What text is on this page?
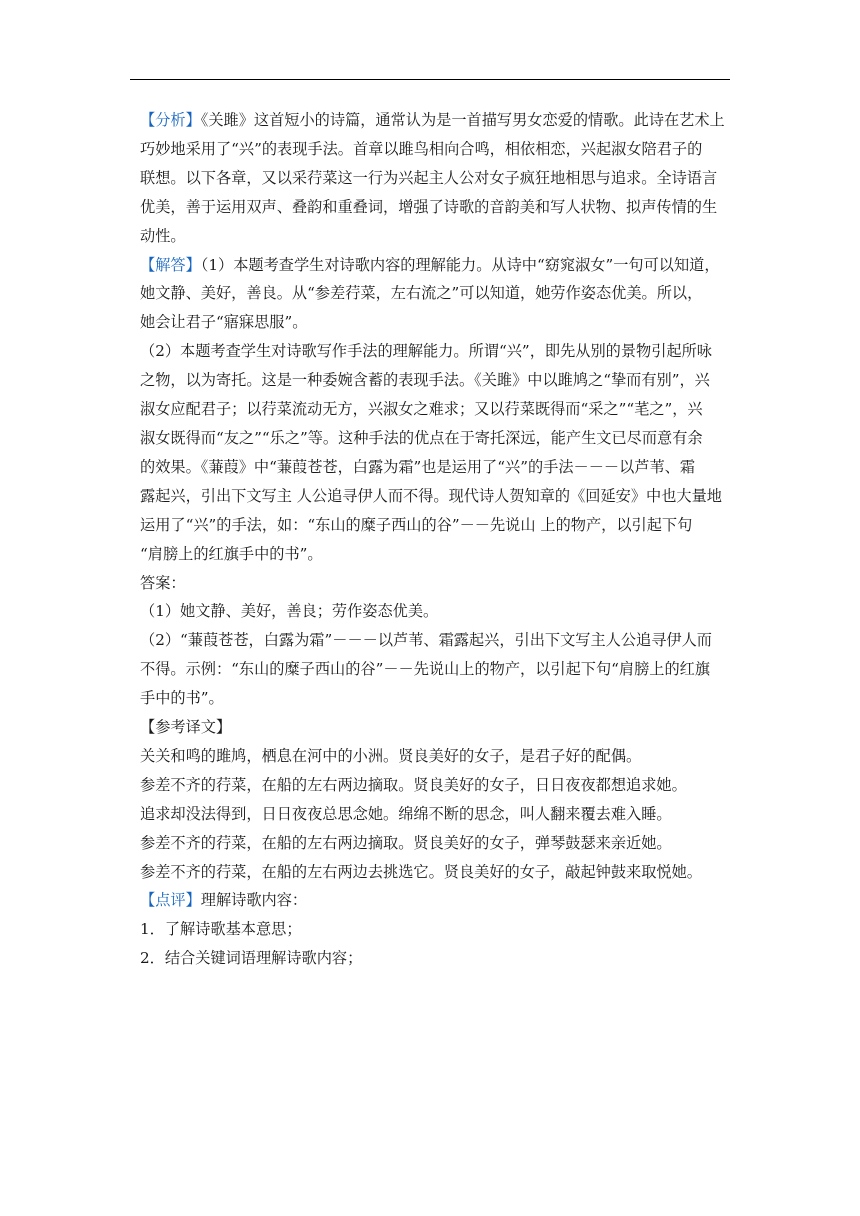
【分析】《关雎》这首短小的诗篇，通常认为是一首描写男女恋爱的情歌。此诗在艺术上
巧妙地采用了“兴”的表现手法。首章以雎鸟相向合鸣，相依相恋，兴起淑女陪君子的
联想。以下各章，又以采荇菜这一行为兴起主人公对女子疯狂地相思与追求。全诗语言
优美，善于运用双声、叠韵和重叠词，增强了诗歌的音韵美和写人状物、拟声传情的生
动性。
【解答】（1）本题考查学生对诗歌内容的理解能力。从诗中“窈窕淑女”一句可以知道，
她文静、美好，善良。从“参差荇菜，左右流之”可以知道，她劳作姿态优美。所以，
她会让君子“寤寐思服”。
（2）本题考查学生对诗歌写作手法的理解能力。所谓“兴”，即先从别的景物引起所咏
之物，以为寄托。这是一种委婉含蓄的表现手法。《关雎》中以雎鸠之“挚而有别”，兴
淑女应配君子；以荇菜流动无方，兴淑女之难求；又以荇菜既得而“采之”“芼之”，兴
淑女既得而“友之”“乐之”等。这种手法的优点在于寄托深远，能产生文已尽而意有余
的效果。《蒹葭》中“蒹葭苍苍，白露为霜”也是运用了“兴”的手法－－－以芦苇、霜
露起兴，引出下文写主 人公追寻伊人而不得。现代诗人贺知章的《回延安》中也大量地
运用了“兴”的手法，如：“东山的糜子西山的谷”－－先说山 上的物产，以引起下句
“肩膀上的红旗手中的书”。
答案：
（1）她文静、美好，善良；劳作姿态优美。
（2）“蒹葭苍苍，白露为霜”－－－以芦苇、霜露起兴，引出下文写主人公追寻伊人而
不得。示例：“东山的糜子西山的谷”－－先说山上的物产，以引起下句“肩膀上的红旗
手中的书”。
【参考译文】
关关和鸣的雎鸠，栖息在河中的小洲。贤良美好的女子，是君子好的配偶。
参差不齐的荇菜，在船的左右两边摘取。贤良美好的女子，日日夜夜都想追求她。
追求却没法得到，日日夜夜总思念她。绵绵不断的思念，叫人翻来覆去难入睡。
参差不齐的荇菜，在船的左右两边摘取。贤良美好的女子，弹琴鼓瑟来亲近她。
参差不齐的荇菜，在船的左右两边去挑选它。贤良美好的女子，敲起钟鼓来取悦她。
【点评】理解诗歌内容：
1．了解诗歌基本意思；
2．结合关键词语理解诗歌内容；
